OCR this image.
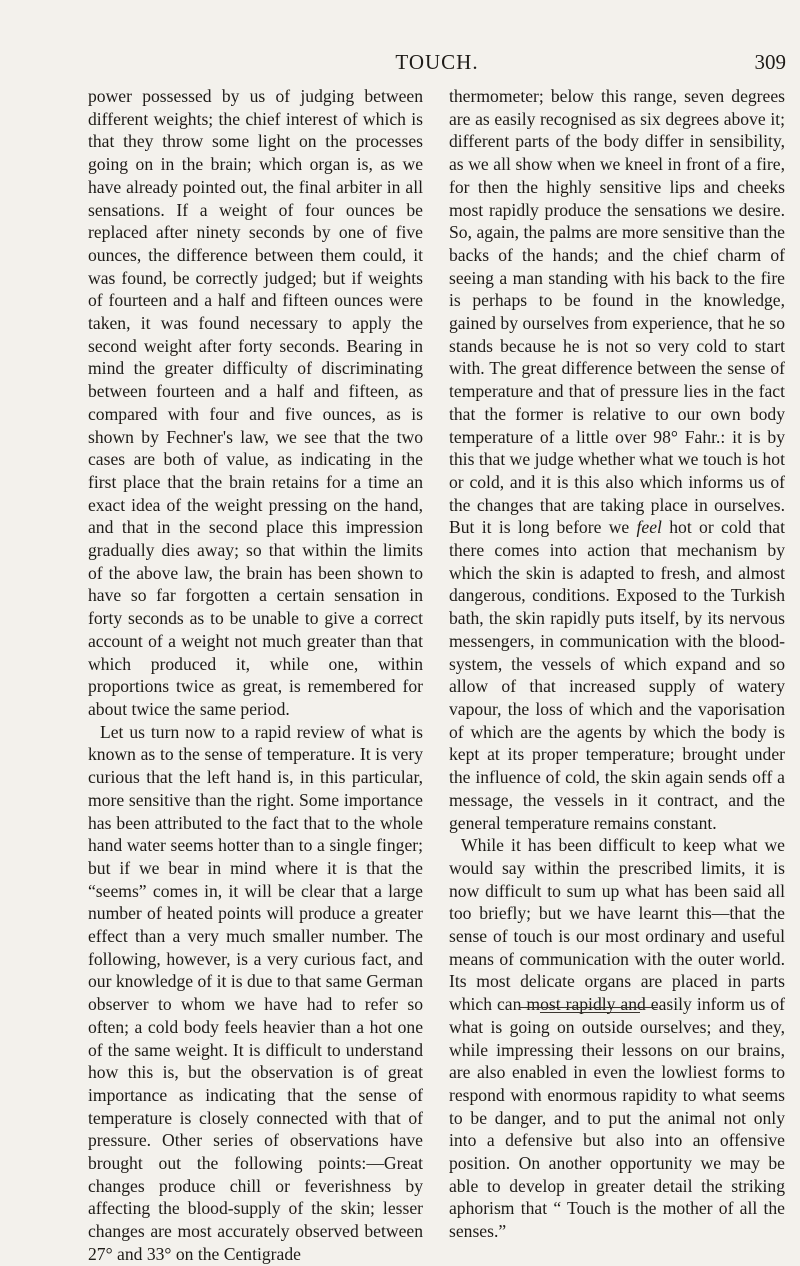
TOUCH.	309

power possessed by us of judging between different weights; the chief interest of which is that they throw some light on the processes going on in the brain; which organ is, as we have already pointed out, the final arbiter in all sensations. If a weight of four ounces be replaced after ninety seconds by one of five ounces, the difference between them could, it was found, be correctly judged; but if weights of fourteen and a half and fifteen ounces were taken, it was found necessary to apply the second weight after forty seconds. Bearing in mind the greater difficulty of discriminating between fourteen and a half and fifteen, as compared with four and five ounces, as is shown by Fechner's law, we see that the two cases are both of value, as indicating in the first place that the brain retains for a time an exact idea of the weight pressing on the hand, and that in the second place this impression gradually dies away; so that within the limits of the above law, the brain has been shown to have so far forgotten a certain sensation in forty seconds as to be unable to give a correct account of a weight not much greater than that which produced it, while one, within proportions twice as great, is remembered for about twice the same period.

Let us turn now to a rapid review of what is known as to the sense of temperature. It is very curious that the left hand is, in this particular, more sensitive than the right. Some importance has been attributed to the fact that to the whole hand water seems hotter than to a single finger; but if we bear in mind where it is that the “seems” comes in, it will be clear that a large number of heated points will produce a greater effect than a very much smaller number. The following, however, is a very curious fact, and our knowledge of it is due to that same German observer to whom we have had to refer so often; a cold body feels heavier than a hot one of the same weight. It is difficult to understand how this is, but the observation is of great importance as indicating that the sense of temperature is closely connected with that of pressure. Other series of observations have brought out the following points:—Great changes produce chill or feverishness by affecting the blood-supply of the skin; lesser changes are most accurately observed between 27° and 33° on the Centigrade

thermometer; below this range, seven degrees are as easily recognised as six degrees above it; different parts of the body differ in sensibility, as we all show when we kneel in front of a fire, for then the highly sensitive lips and cheeks most rapidly produce the sensations we desire. So, again, the palms are more sensitive than the backs of the hands; and the chief charm of seeing a man standing with his back to the fire is perhaps to be found in the knowledge, gained by ourselves from experience, that he so stands because he is not so very cold to start with. The great difference between the sense of temperature and that of pressure lies in the fact that the former is relative to our own body temperature of a little over 98° Fahr.: it is by this that we judge whether what we touch is hot or cold, and it is this also which informs us of the changes that are taking place in ourselves. But it is long before we feel hot or cold that there comes into action that mechanism by which the skin is adapted to fresh, and almost dangerous, conditions. Exposed to the Turkish bath, the skin rapidly puts itself, by its nervous messengers, in communication with the blood-system, the vessels of which expand and so allow of that increased supply of watery vapour, the loss of which and the vaporisation of which are the agents by which the body is kept at its proper temperature; brought under the influence of cold, the skin again sends off a message, the vessels in it contract, and the general temperature remains constant.

While it has been difficult to keep what we would say within the prescribed limits, it is now difficult to sum up what has been said all too briefly; but we have learnt this—that the sense of touch is our most ordinary and useful means of communication with the outer world. Its most delicate organs are placed in parts which can most rapidly and easily inform us of what is going on outside ourselves; and they, while impressing their lessons on our brains, are also enabled in even the lowliest forms to respond with enormous rapidity to what seems to be danger, and to put the animal not only into a defensive but also into an offensive position. On another opportunity we may be able to develop in greater detail the striking aphorism that “ Touch is the mother of all the senses.”
